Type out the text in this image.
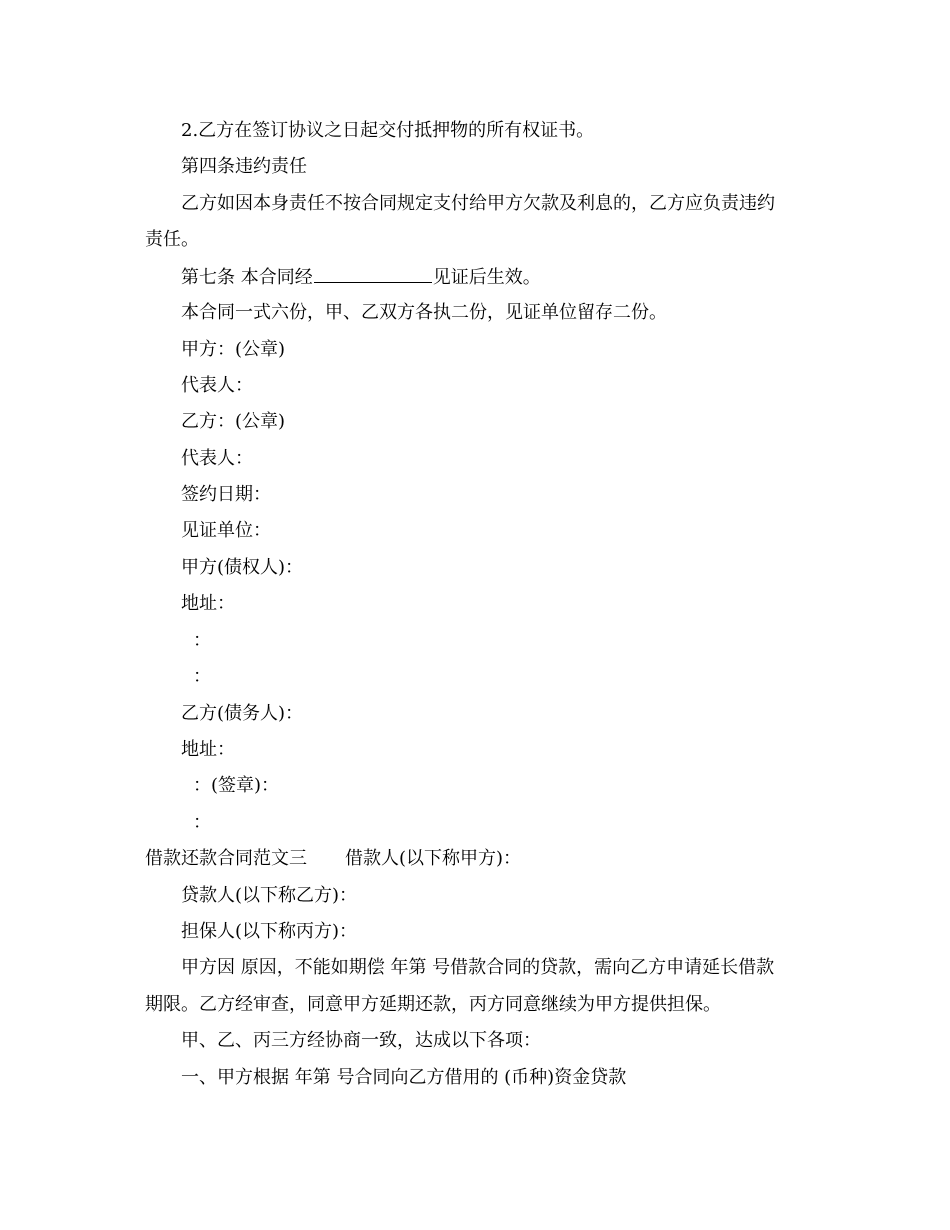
2.乙方在签订协议之日起交付抵押物的所有权证书。
第四条违约责任
乙方如因本身责任不按合同规定支付给甲方欠款及利息的，乙方应负责违约
责任。
第七条 本合同经	见证后生效。
本合同一式六份，甲、乙双方各执二份，见证单位留存二份。
甲方：(公章)
代表人：
乙方：(公章)
代表人：
签约日期：
见证单位：
甲方(债权人)：
地址：
：
：
乙方(债务人)：
地址：
：(签章)：
：
借款还款合同范文三 借款人(以下称甲方)：
贷款人(以下称乙方)：
担保人(以下称丙方)：
甲方因 原因，不能如期偿 年第 号借款合同的贷款，需向乙方申请延长借款
期限。乙方经审查，同意甲方延期还款，丙方同意继续为甲方提供担保。
甲、乙、丙三方经协商一致，达成以下各项：
一、甲方根据 年第 号合同向乙方借用的 (币种)资金贷款
